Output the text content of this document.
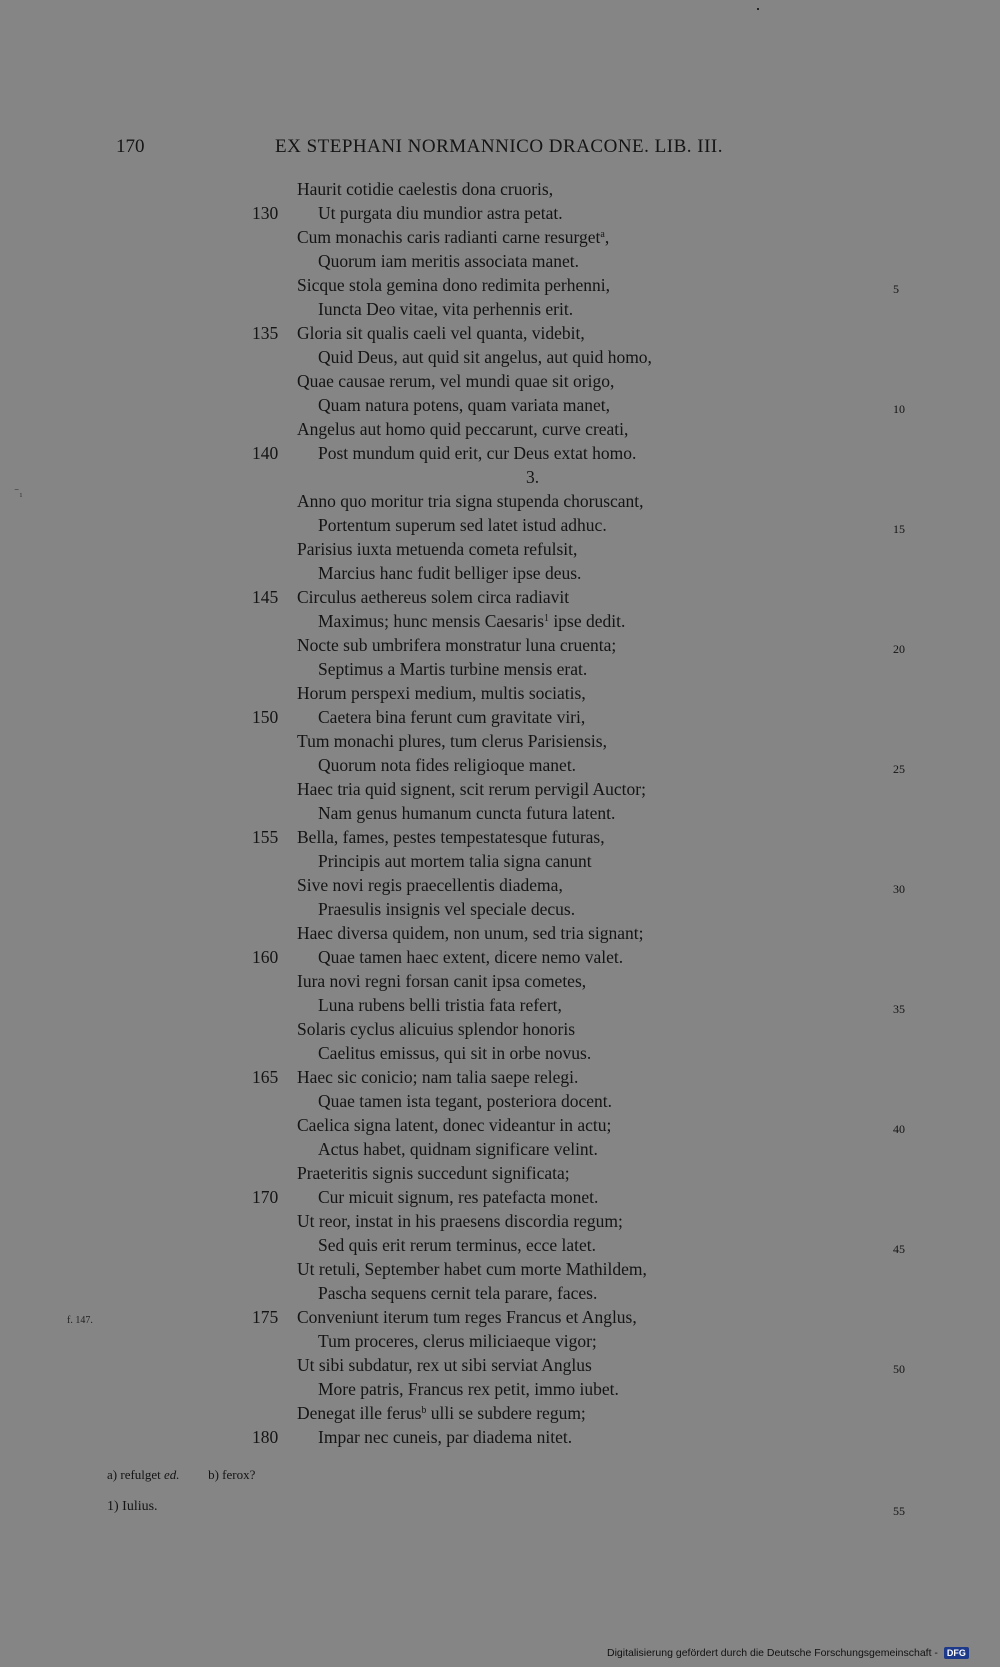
170	EX STEPHANI NORMANNICO DRACONE. LIB. III.
⁻₁
f. 147.
Haurit cotidie caelestis dona cruoris,
130	Ut purgata diu mundior astra petat.
Cum monachis caris radianti carne resurget$^a$,
Quorum iam meritis associata manet.
Sicque stola gemina dono redimita perhenni,	5
Iuncta Deo vitae, vita perhennis erit.
135	Gloria sit qualis caeli vel quanta, videbit,
Quid Deus, aut quid sit angelus, aut quid homo,
Quae causae rerum, vel mundi quae sit origo,
Quam natura potens, quam variata manet,	10
Angelus aut homo quid peccarunt, curve creati,
140	Post mundum quid erit, cur Deus extat homo.
3.
Anno quo moritur tria signa stupenda choruscant,
Portentum superum sed latet istud adhuc.	15
Parisius iuxta metuenda cometa refulsit,
Marcius hanc fudit belliger ipse deus.
145	Circulus aethereus solem circa radiavit
Maximus; hunc mensis Caesaris$^1$ ipse dedit.
Nocte sub umbrifera monstratur luna cruenta;	20
Septimus a Martis turbine mensis erat.
Horum perspexi medium, multis sociatis,
150	Caetera bina ferunt cum gravitate viri,
Tum monachi plures, tum clerus Parisiensis,
Quorum nota fides religioque manet.	25
Haec tria quid signent, scit rerum pervigil Auctor;
Nam genus humanum cuncta futura latent.
155	Bella, fames, pestes tempestatesque futuras,
Principis aut mortem talia signa canunt
Sive novi regis praecellentis diadema,	30
Praesulis insignis vel speciale decus.
Haec diversa quidem, non unum, sed tria signant;
160	Quae tamen haec extent, dicere nemo valet.
Iura novi regni forsan canit ipsa cometes,
Luna rubens belli tristia fata refert,	35
Solaris cyclus alicuius splendor honoris
Caelitus emissus, qui sit in orbe novus.
165	Haec sic conicio; nam talia saepe relegi.
Quae tamen ista tegant, posteriora docent.
Caelica signa latent, donec videantur in actu;	40
Actus habet, quidnam significare velint.
Praeteritis signis succedunt significata;
170	Cur micuit signum, res patefacta monet.
Ut reor, instat in his praesens discordia regum;
Sed quis erit rerum terminus, ecce latet.	45
Ut retuli, September habet cum morte Mathildem,
Pascha sequens cernit tela parare, faces.
175	Conveniunt iterum tum reges Francus et Anglus,
Tum proceres, clerus miliciaeque vigor;
Ut sibi subdatur, rex ut sibi serviat Anglus	50
More patris, Francus rex petit, immo iubet.
Denegat ille ferus$^b$ ulli se subdere regum;
180	Impar nec cuneis, par diadema nitet.
a) refulget ed. b) ferox?
1) Iulius.	55
Digitalisierung gefördert durch die Deutsche Forschungsgemeinschaft - DFG
